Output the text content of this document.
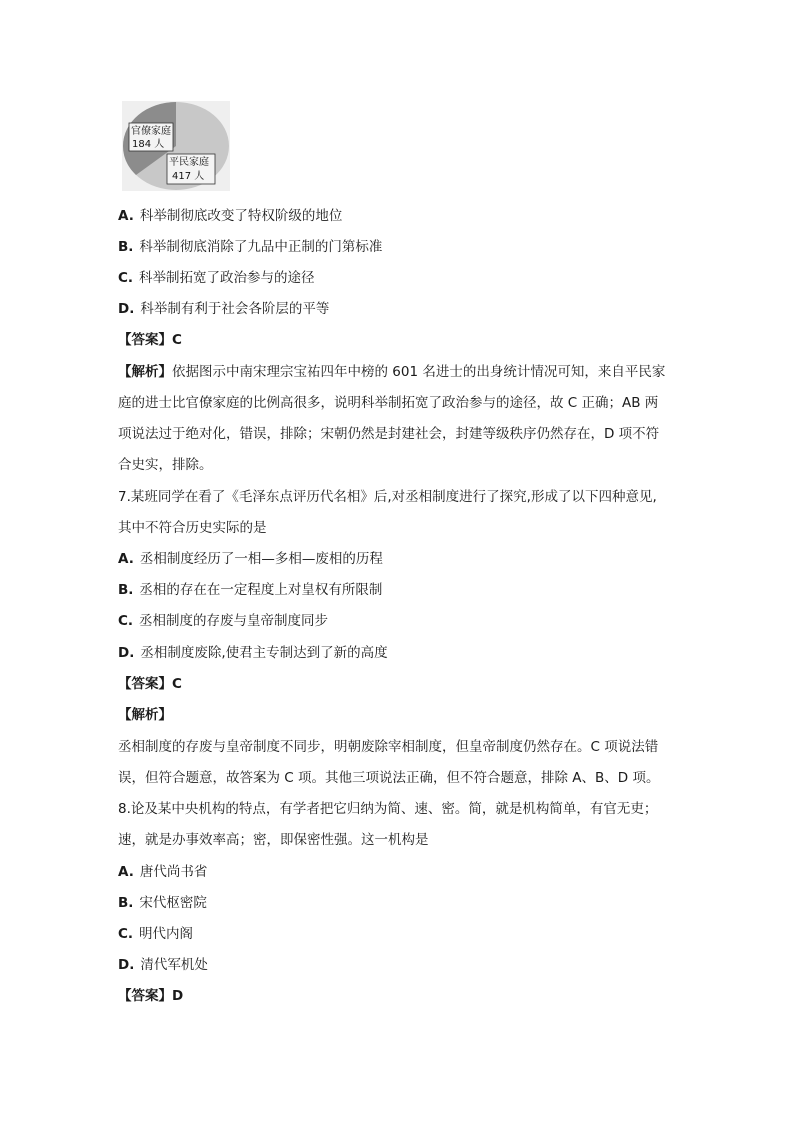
官僚家庭
184 人
平民家庭
417 人
A. 科举制彻底改变了特权阶级的地位
B. 科举制彻底消除了九品中正制的门第标准
C. 科举制拓宽了政治参与的途径
D. 科举制有利于社会各阶层的平等
【答案】C
【解析】依据图示中南宋理宗宝祐四年中榜的 601 名进士的出身统计情况可知，来自平民家
庭的进士比官僚家庭的比例高很多，说明科举制拓宽了政治参与的途径，故 C 正确；AB 两
项说法过于绝对化，错误，排除；宋朝仍然是封建社会，封建等级秩序仍然存在，D 项不符
合史实，排除。
7.某班同学在看了《毛泽东点评历代名相》后,对丞相制度进行了探究,形成了以下四种意见,
其中不符合历史实际的是
A. 丞相制度经历了一相—多相—废相的历程
B. 丞相的存在在一定程度上对皇权有所限制
C. 丞相制度的存废与皇帝制度同步
D. 丞相制度废除,使君主专制达到了新的高度
【答案】C
【解析】
丞相制度的存废与皇帝制度不同步，明朝废除宰相制度，但皇帝制度仍然存在。C 项说法错
误，但符合题意，故答案为 C 项。其他三项说法正确，但不符合题意，排除 A、B、D 项。
8.论及某中央机构的特点，有学者把它归纳为简、速、密。简，就是机构简单，有官无吏；
速，就是办事效率高；密，即保密性强。这一机构是
A. 唐代尚书省
B. 宋代枢密院
C. 明代内阁
D. 清代军机处
【答案】D
